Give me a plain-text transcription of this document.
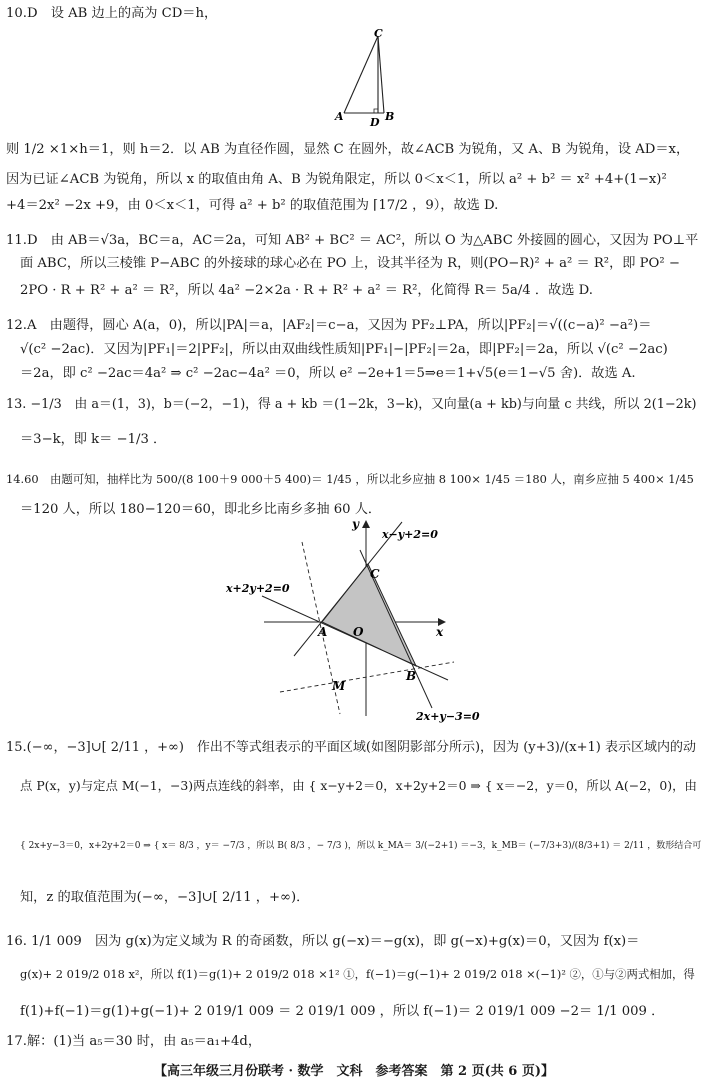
10.D　设 AB 边上的高为 CD＝h，
C
A D B
则 1/2 ×1×h＝1，则 h＝2．以 AB 为直径作圆，显然 C 在圆外，故∠ACB 为锐角，又 A、B 为锐角，设 AD＝x，
因为已证∠ACB 为锐角，所以 x 的取值由角 A、B 为锐角限定，所以 0＜x＜1，所以 a² + b² ＝ x² +4+(1−x)²
+4＝2x² −2x +9，由 0＜x＜1，可得 a² + b² 的取值范围为 ⌈17/2 ，9），故选 D.
11.D　由 AB＝√3a，BC＝a，AC＝2a，可知 AB² + BC² ＝ AC²，所以 O 为△ABC 外接圆的圆心，又因为 PO⊥平
面 ABC，所以三棱锥 P−ABC 的外接球的球心必在 PO 上，设其半径为 R，则(PO−R)² + a² ＝ R²，即 PO² −
2PO · R + R² + a² ＝ R²，所以 4a² −2×2a · R + R² + a² ＝ R²，化简得 R＝ 5a/4 ．故选 D.
12.A　由题得，圆心 A(a，0)，所以|PA|＝a，|AF₂|＝c−a，又因为 PF₂⊥PA，所以|PF₂|＝√((c−a)² −a²)＝
√(c² −2ac)．又因为|PF₁|＝2|PF₂|，所以由双曲线性质知|PF₁|−|PF₂|＝2a，即|PF₂|＝2a，所以 √(c² −2ac)
＝2a，即 c² −2ac＝4a² ⇒ c² −2ac−4a² ＝0，所以 e² −2e+1＝5⇒e＝1+√5(e＝1−√5 舍)．故选 A.
13. −1/3　由 a＝(1，3)，b＝(−2，−1)，得 a + kb ＝(1−2k，3−k)，又向量(a + kb)与向量 c 共线，所以 2(1−2k)
＝3−k，即 k＝ −1/3 ．
14.60　由题可知，抽样比为 500/(8 100＋9 000＋5 400)＝ 1/45 ，所以北乡应抽 8 100× 1/45 ＝180 人，南乡应抽 5 400× 1/45
＝120 人，所以 180−120＝60，即北乡比南乡多抽 60 人．
y
x
O
A
B
C
M
x−y+2=0
x+2y+2=0
2x+y−3=0
15.(−∞，−3]∪[ 2/11 ，+∞)　作出不等式组表示的平面区域(如图阴影部分所示)，因为 (y+3)/(x+1) 表示区域内的动
点 P(x，y)与定点 M(−1，−3)两点连线的斜率，由 { x−y+2＝0，x+2y+2＝0 ⇒ { x＝−2，y＝0，所以 A(−2，0)，由
{ 2x+y−3＝0，x+2y+2＝0 ⇒ { x＝ 8/3 ，y＝ −7/3 ，所以 B( 8/3 ，− 7/3 )，所以 k_MA＝ 3/(−2+1) ＝−3，k_MB＝ (−7/3+3)/(8/3+1) ＝ 2/11 ，数形结合可
知，z 的取值范围为(−∞，−3]∪[ 2/11 ，+∞)．
16. 1/1 009　因为 g(x)为定义域为 R 的奇函数，所以 g(−x)＝−g(x)，即 g(−x)+g(x)＝0，又因为 f(x)＝
g(x)+ 2 019/2 018 x²，所以 f(1)＝g(1)+ 2 019/2 018 ×1² ①，f(−1)＝g(−1)+ 2 019/2 018 ×(−1)² ②，①与②两式相加，得
f(1)+f(−1)＝g(1)+g(−1)+ 2 019/1 009 ＝ 2 019/1 009 ，所以 f(−1)＝ 2 019/1 009 −2＝ 1/1 009 ．
17.解：(1)当 a₅＝30 时，由 a₅＝a₁+4d，
【高三年级三月份联考 · 数学　文科　参考答案　第 2 页(共 6 页)】
